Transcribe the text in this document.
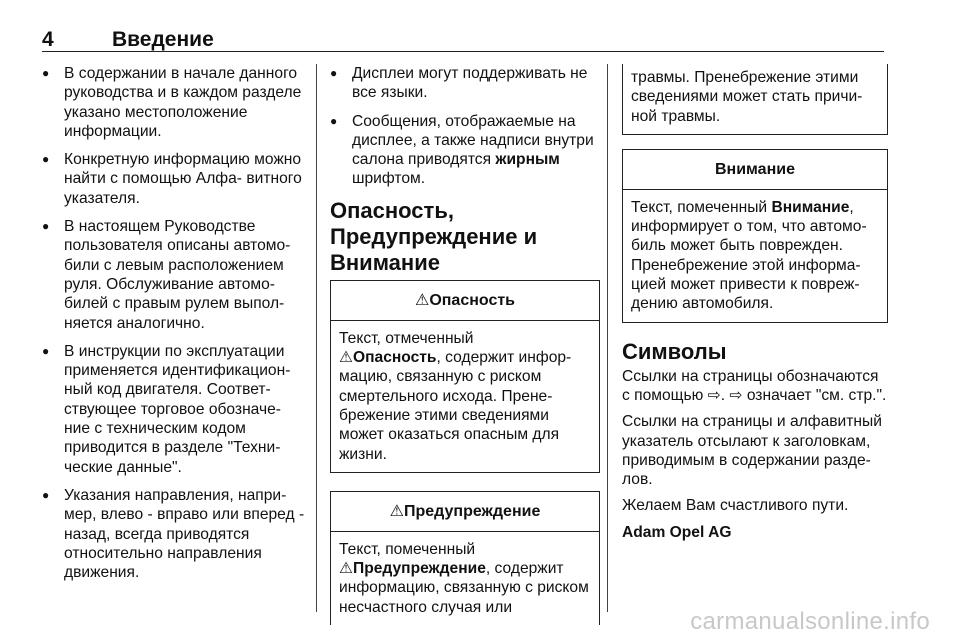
4	Введение
● В содержании в начале данного руководства и в каждом разделе указано местоположение информации.
● Конкретную информацию можно найти с помощью Алфа- витного указателя.
● В настоящем Руководстве пользователя описаны автомо- били с левым расположением руля. Обслуживание автомо- билей с правым рулем выпол- няется аналогично.
● В инструкции по эксплуатации применяется идентификацион- ный код двигателя. Соответ- ствующее торговое обозначе- ние с техническим кодом приводится в разделе "Техни- ческие данные".
● Указания направления, напри- мер, влево - вправо или вперед - назад, всегда приводятся относительно направления движения.
● Дисплеи могут поддерживать не все языки.
● Сообщения, отображаемые на дисплее, а также надписи внутри салона приводятся жирным шрифтом.
Опасность, Предупреждение и Внимание
⚠Опасность
Текст, отмеченный
⚠Опасность, содержит инфор- мацию, связанную с риском смертельного исхода. Прене- брежение этими сведениями может оказаться опасным для жизни.
⚠Предупреждение
Текст, помеченный
⚠Предупреждение, содержит информацию, связанную с риском несчастного случая или
травмы. Пренебрежение этими сведениями может стать причи- ной травмы.
Внимание
Текст, помеченный Внимание, информирует о том, что автомо- биль может быть поврежден. Пренебрежение этой информа- цией может привести к повреж- дению автомобиля.
Символы

Ссылки на страницы обозначаются с помощью ⇨. ⇨ означает "см. стр.".

Ссылки на страницы и алфавитный указатель отсылают к заголовкам, приводимым в содержании разде- лов.

Желаем Вам счастливого пути.

Adam Opel AG

carmanualsonline.info
